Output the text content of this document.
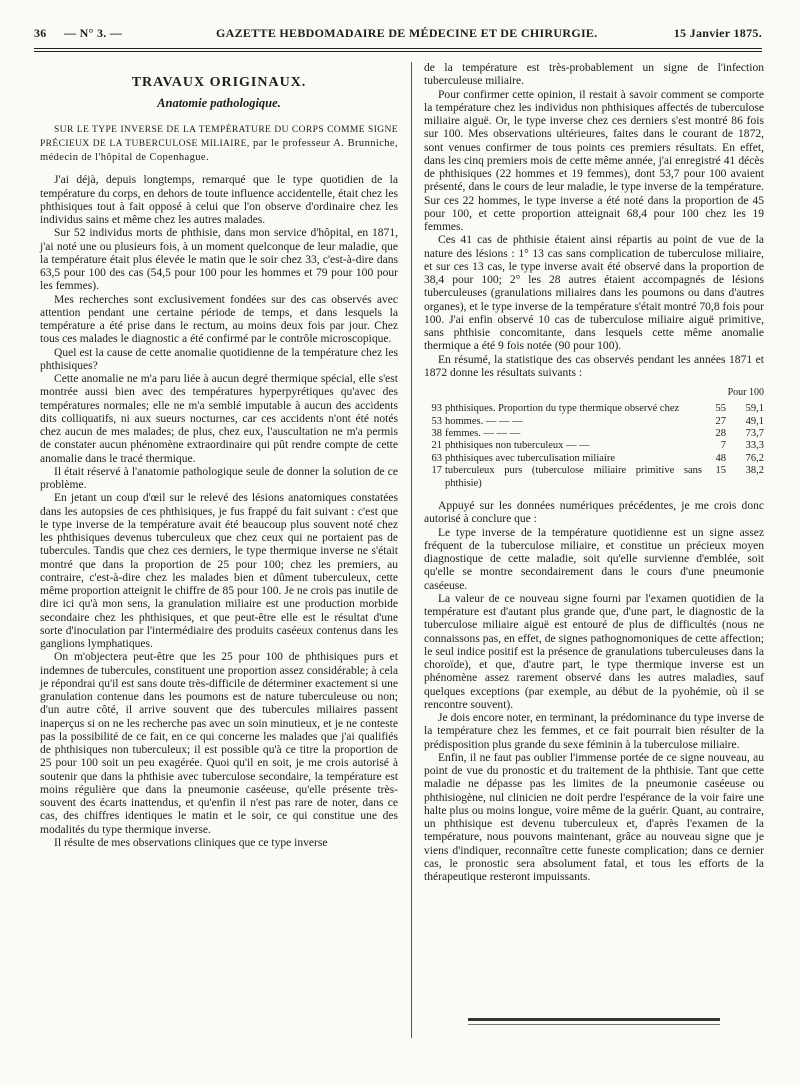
36 — N° 3. —	GAZETTE HEBDOMADAIRE DE MÉDECINE ET DE CHIRURGIE.	15 Janvier 1875.
TRAVAUX ORIGINAUX.
Anatomie pathologique.

SUR LE TYPE INVERSE DE LA TEMPÉRATURE DU CORPS COMME SIGNE PRÉCIEUX DE LA TUBERCULOSE MILIAIRE, par le professeur A. Brunniche, médecin de l'hôpital de Copenhague.

J'ai déjà, depuis longtemps, remarqué que le type quotidien de la température du corps, en dehors de toute influence accidentelle, était chez les phthisiques tout à fait opposé à celui que l'on observe d'ordinaire chez les individus sains et même chez les autres malades.

Sur 52 individus morts de phthisie, dans mon service d'hôpital, en 1871, j'ai noté une ou plusieurs fois, à un moment quelconque de leur maladie, que la température était plus élevée le matin que le soir chez 33, c'est-à-dire dans 63,5 pour 100 des cas (54,5 pour 100 pour les hommes et 79 pour 100 pour les femmes).

Mes recherches sont exclusivement fondées sur des cas observés avec attention pendant une certaine période de temps, et dans lesquels la température a été prise dans le rectum, au moins deux fois par jour. Chez tous ces malades le diagnostic a été confirmé par le contrôle microscopique.

Quel est la cause de cette anomalie quotidienne de la température chez les phthisiques?

Cette anomalie ne m'a paru liée à aucun degré thermique spécial, elle s'est montrée aussi bien avec des températures hyperpyrétiques qu'avec des températures normales; elle ne m'a semblé imputable à aucun des accidents dits colliquatifs, ni aux sueurs nocturnes, car ces accidents n'ont été notés chez aucun de mes malades; de plus, chez eux, l'auscultation ne m'a permis de constater aucun phénomène extraordinaire qui pût rendre compte de cette anomalie dans le tracé thermique.

Il était réservé à l'anatomie pathologique seule de donner la solution de ce problème.

En jetant un coup d'œil sur le relevé des lésions anatomiques constatées dans les autopsies de ces phthisiques, je fus frappé du fait suivant : c'est que le type inverse de la température avait été beaucoup plus souvent noté chez les phthisiques devenus tuberculeux que chez ceux qui ne portaient pas de tubercules. Tandis que chez ces derniers, le type thermique inverse ne s'était montré que dans la proportion de 25 pour 100; chez les premiers, au contraire, c'est-à-dire chez les malades bien et dûment tuberculeux, cette même proportion atteignit le chiffre de 85 pour 100. Je ne crois pas inutile de dire ici qu'à mon sens, la granulation miliaire est une production morbide secondaire chez les phthisiques, et que peut-être elle est le résultat d'une sorte d'inoculation par l'intermédiaire des produits caséeux contenus dans les ganglions lymphatiques.

On m'objectera peut-être que les 25 pour 100 de phthisiques purs et indemnes de tubercules, constituent une proportion assez considérable; à cela je répondrai qu'il est sans doute très-difficile de déterminer exactement si une granulation contenue dans les poumons est de nature tuberculeuse ou non; d'un autre côté, il arrive souvent que des tubercules miliaires passent inaperçus si on ne les recherche pas avec un soin minutieux, et je ne conteste pas la possibilité de ce fait, en ce qui concerne les malades que j'ai qualifiés de phthisiques non tuberculeux; il est possible qu'à ce titre la proportion de 25 pour 100 soit un peu exagérée. Quoi qu'il en soit, je me crois autorisé à soutenir que dans la phthisie avec tuberculose secondaire, la température est moins régulière que dans la pneumonie caséeuse, qu'elle présente très-souvent des écarts inattendus, et qu'enfin il n'est pas rare de noter, dans ce cas, des chiffres identiques le matin et le soir, ce qui constitue une des modalités du type thermique inverse.

Il résulte de mes observations cliniques que ce type inverse

de la température est très-probablement un signe de l'infection tuberculeuse miliaire.

Pour confirmer cette opinion, il restait à savoir comment se comporte la température chez les individus non phthisiques affectés de tuberculose miliaire aiguë. Or, le type inverse chez ces derniers s'est montré 86 fois sur 100. Mes observations ultérieures, faites dans le courant de 1872, sont venues confirmer de tous points ces premiers résultats. En effet, dans les cinq premiers mois de cette même année, j'ai enregistré 41 décès de phthisiques (22 hommes et 19 femmes), dont 53,7 pour 100 avaient présenté, dans le cours de leur maladie, le type inverse de la température. Sur ces 22 hommes, le type inverse a été noté dans la proportion de 45 pour 100, et cette proportion atteignait 68,4 pour 100 chez les 19 femmes.

Ces 41 cas de phthisie étaient ainsi répartis au point de vue de la nature des lésions : 1° 13 cas sans complication de tuberculose miliaire, et sur ces 13 cas, le type inverse avait été observé dans la proportion de 38,4 pour 100; 2° les 28 autres étaient accompagnés de lésions tuberculeuses (granulations miliaires dans les poumons ou dans d'autres organes), et le type inverse de la température s'était montré 70,8 fois pour 100. J'ai enfin observé 10 cas de tuberculose miliaire aiguë primitive, sans phthisie concomitante, dans lesquels cette même anomalie thermique a été 9 fois notée (90 pour 100).

En résumé, la statistique des cas observés pendant les années 1871 et 1872 donne les résultats suivants :

Pour 100
93	phthisiques. Proportion du type thermique observé chez	55	59,1
53	hommes. — — —	27	49,1
38	femmes. — — —	28	73,7
21	phthisiques non tuberculeux — —	7	33,3
63	phthisiques avec tuberculisation miliaire	48	76,2
17	tuberculeux purs (tuberculose miliaire primitive sans phthisie)	15	38,2

Appuyé sur les données numériques précédentes, je me crois donc autorisé à conclure que :

Le type inverse de la température quotidienne est un signe assez fréquent de la tuberculose miliaire, et constitue un précieux moyen diagnostique de cette maladie, soit qu'elle survienne d'emblée, soit qu'elle se montre secondairement dans le cours d'une pneumonie caséeuse.

La valeur de ce nouveau signe fourni par l'examen quotidien de la température est d'autant plus grande que, d'une part, le diagnostic de la tuberculose miliaire aiguë est entouré de plus de difficultés (nous ne connaissons pas, en effet, de signes pathognomoniques de cette affection; le seul indice positif est la présence de granulations tuberculeuses dans la choroïde), et que, d'autre part, le type thermique inverse est un phénomène assez rarement observé dans les autres maladies, sauf quelques exceptions (par exemple, au début de la pyohémie, où il se rencontre souvent).

Je dois encore noter, en terminant, la prédominance du type inverse de la température chez les femmes, et ce fait pourrait bien résulter de la prédisposition plus grande du sexe féminin à la tuberculose miliaire.

Enfin, il ne faut pas oublier l'immense portée de ce signe nouveau, au point de vue du pronostic et du traitement de la phthisie. Tant que cette maladie ne dépasse pas les limites de la pneumonie caséeuse ou phthisiogène, nul clinicien ne doit perdre l'espérance de la voir faire une halte plus ou moins longue, voire même de la guérir. Quant, au contraire, un phthisique est devenu tuberculeux et, d'après l'examen de la température, nous pouvons maintenant, grâce au nouveau signe que je viens d'indiquer, reconnaître cette funeste complication; dans ce dernier cas, le pronostic sera absolument fatal, et tous les efforts de la thérapeutique resteront impuissants.
